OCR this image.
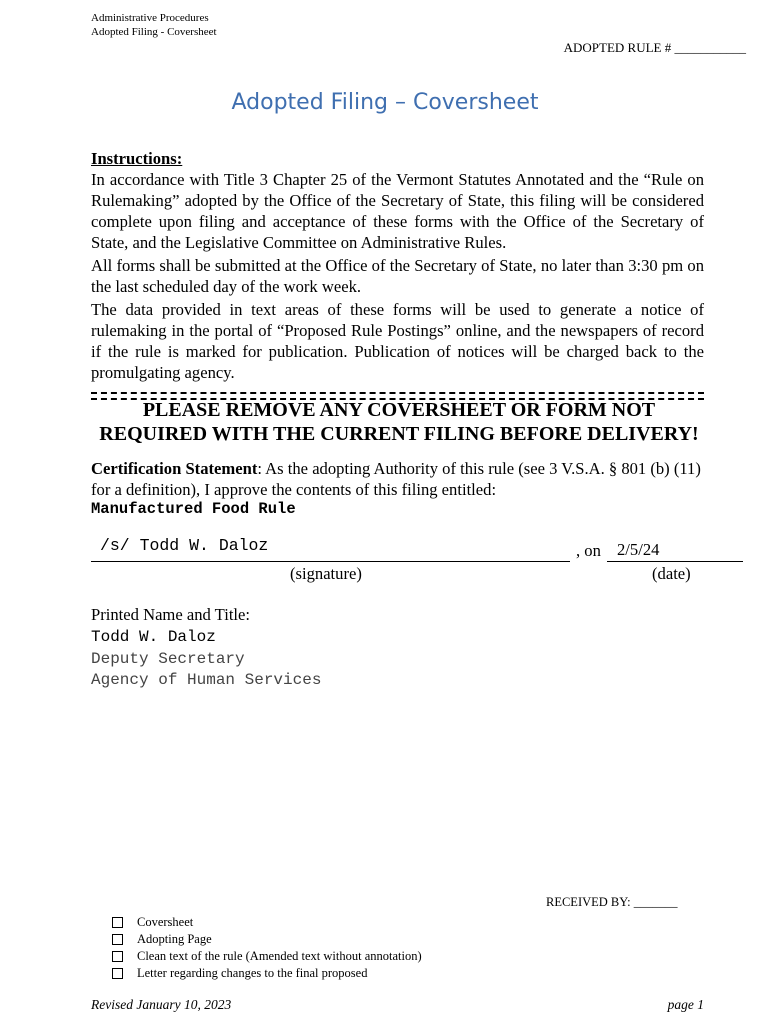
Administrative Procedures
Adopted Filing - Coversheet
ADOPTED RULE # ___________
Adopted Filing – Coversheet
Instructions:

In accordance with Title 3 Chapter 25 of the Vermont Statutes Annotated and the “Rule on Rulemaking” adopted by the Office of the Secretary of State, this filing will be considered complete upon filing and acceptance of these forms with the Office of the Secretary of State, and the Legislative Committee on Administrative Rules.

All forms shall be submitted at the Office of the Secretary of State, no later than 3:30 pm on the last scheduled day of the work week.

The data provided in text areas of these forms will be used to generate a notice of rulemaking in the portal of “Proposed Rule Postings” online, and the newspapers of record if the rule is marked for publication. Publication of notices will be charged back to the promulgating agency.

PLEASE REMOVE ANY COVERSHEET OR FORM NOT
REQUIRED WITH THE CURRENT FILING BEFORE DELIVERY!
Certification Statement: As the adopting Authority of this rule (see 3 V.S.A. § 801 (b) (11) for a definition), I approve the contents of this filing entitled:
Manufactured Food Rule
/s/ Todd W. Daloz	, on 2/5/24
(signature)	(date)
Printed Name and Title:
Todd W. Daloz
Deputy Secretary
Agency of Human Services
RECEIVED BY: _______
Coversheet
Adopting Page
Clean text of the rule (Amended text without annotation)
Letter regarding changes to the final proposed
Revised January 10, 2023	page 1
